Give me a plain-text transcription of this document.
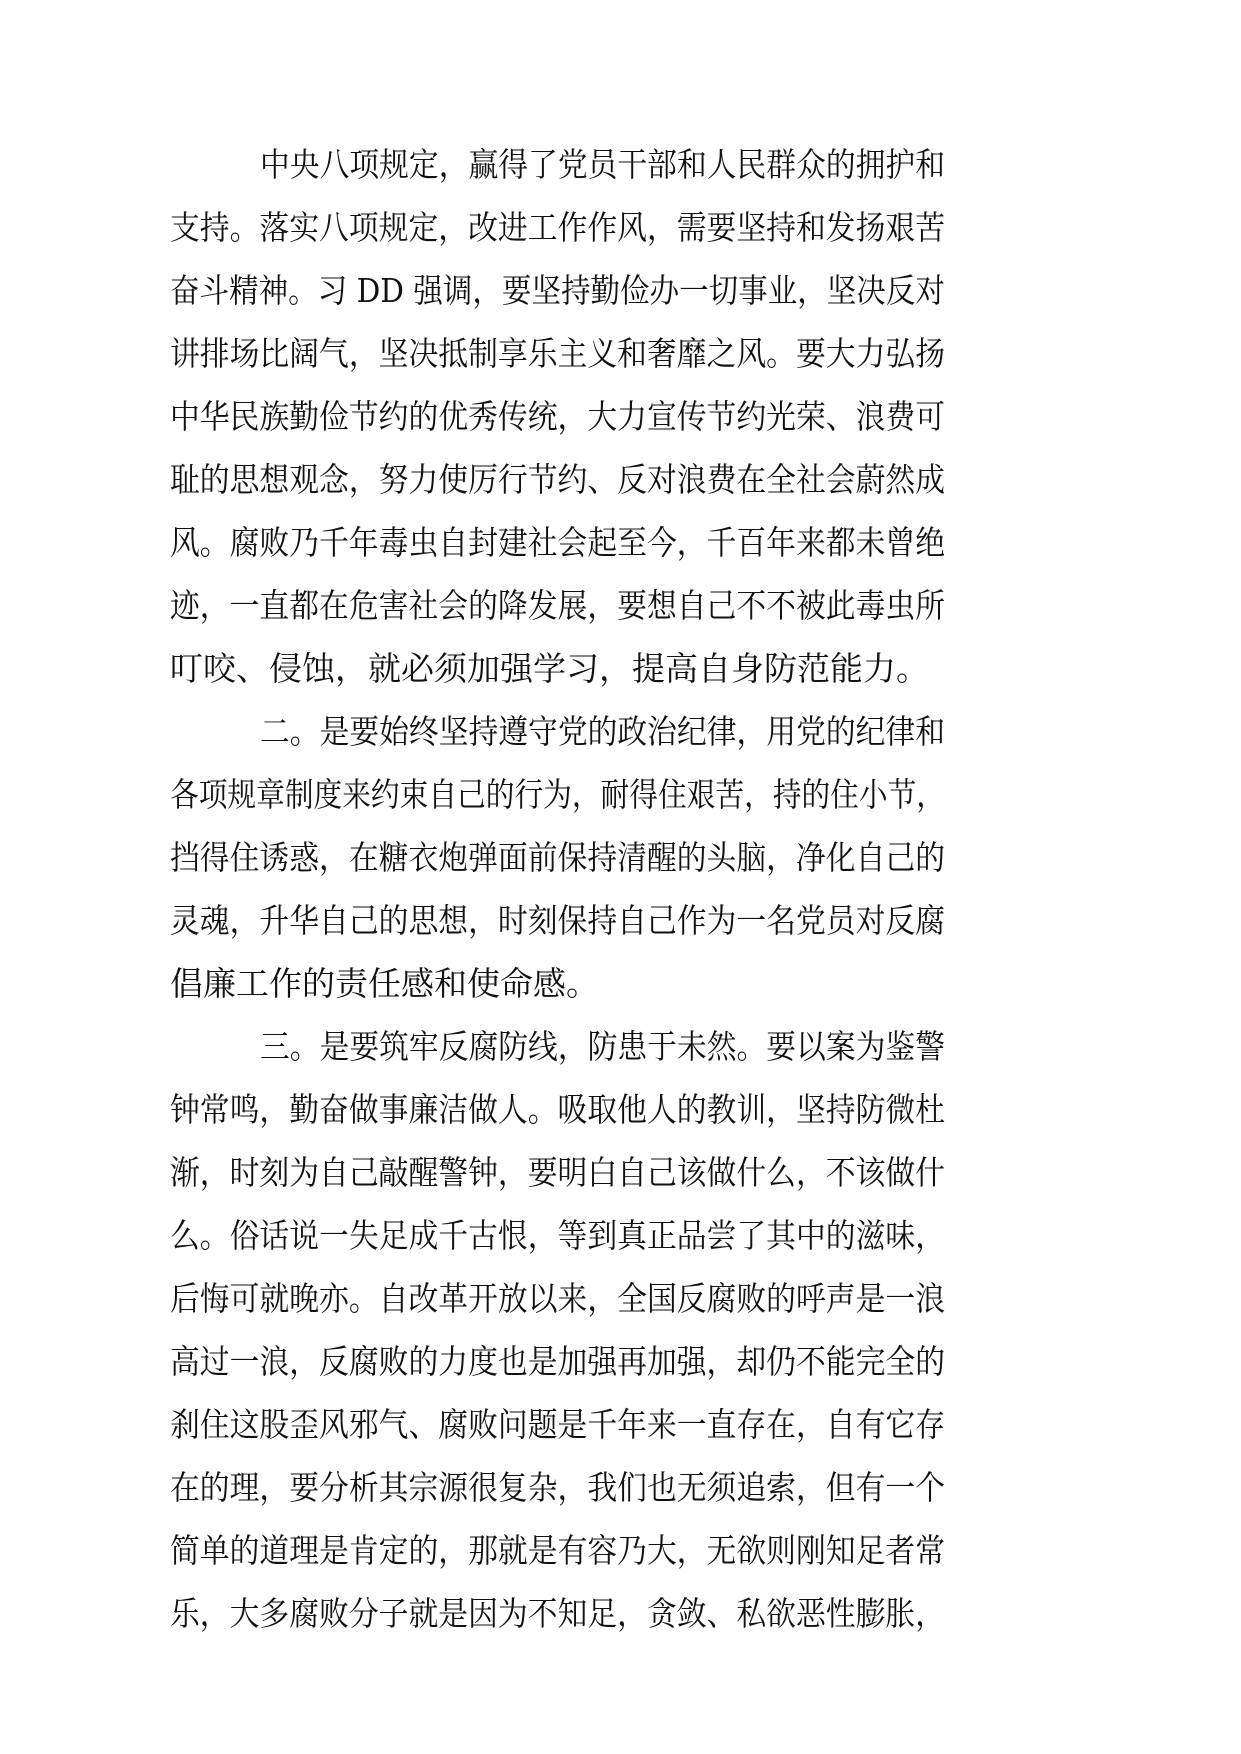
中央八项规定，赢得了党员干部和人民群众的拥护和

支持。落实八项规定，改进工作作风，需要坚持和发扬艰苦

奋斗精神。习 DD 强调，要坚持勤俭办一切事业，坚决反对

讲排场比阔气，坚决抵制享乐主义和奢靡之风。要大力弘扬

中华民族勤俭节约的优秀传统，大力宣传节约光荣、浪费可

耻的思想观念，努力使厉行节约、反对浪费在全社会蔚然成

风。腐败乃千年毒虫自封建社会起至今，千百年来都未曾绝

迹，一直都在危害社会的降发展，要想自己不不被此毒虫所

叮咬、侵蚀，就必须加强学习，提高自身防范能力。

二。是要始终坚持遵守党的政治纪律，用党的纪律和

各项规章制度来约束自己的行为，耐得住艰苦，持的住小节，

挡得住诱惑，在糖衣炮弹面前保持清醒的头脑，净化自己的

灵魂，升华自己的思想，时刻保持自己作为一名党员对反腐

倡廉工作的责任感和使命感。

三。是要筑牢反腐防线，防患于未然。要以案为鉴警

钟常鸣，勤奋做事廉洁做人。吸取他人的教训，坚持防微杜

渐，时刻为自己敲醒警钟，要明白自己该做什么，不该做什

么。俗话说一失足成千古恨，等到真正品尝了其中的滋味，

后悔可就晚亦。自改革开放以来，全国反腐败的呼声是一浪

高过一浪，反腐败的力度也是加强再加强，却仍不能完全的

刹住这股歪风邪气、腐败问题是千年来一直存在，自有它存

在的理，要分析其宗源很复杂，我们也无须追索，但有一个

简单的道理是肯定的，那就是有容乃大，无欲则刚知足者常

乐，大多腐败分子就是因为不知足，贪敛、私欲恶性膨胀，
